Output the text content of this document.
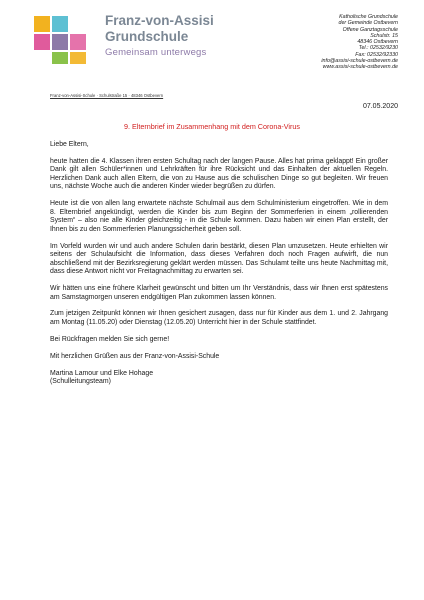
Franz-von-Assisi
Grundschule
Gemeinsam unterwegs
Katholische Grundschule
der Gemeinde Ostbevern
Offene Ganztagsschule
Schulstr. 15
48346 Ostbevern
Tel.: 02532/9230
Fax: 02532/92330
info@assisi-schule-ostbevern.de
www.assisi-schule-ostbevern.de
Franz-von-Assisi-Schule · Schulstraße 15 · 48346 Ostbevern
07.05.2020
9. Elternbrief im Zusammenhang mit dem Corona-Virus

Liebe Eltern,

heute hatten die 4. Klassen ihren ersten Schultag nach der langen Pause. Alles hat prima geklappt! Ein großer Dank gilt allen Schüler*innen und Lehrkräften für ihre Rücksicht und das Einhalten der aktuellen Regeln. Herzlichen Dank auch allen Eltern, die von zu Hause aus die schulischen Dinge so gut begleiten. Wir freuen uns, nächste Woche auch die anderen Kinder wieder begrüßen zu dürfen.

Heute ist die von allen lang erwartete nächste Schulmail aus dem Schulministerium eingetroffen. Wie in dem 8. Elternbrief angekündigt, werden die Kinder bis zum Beginn der Sommerferien in einem „rollierenden System“ – also nie alle Kinder gleichzeitig - in die Schule kommen. Dazu haben wir einen Plan erstellt, der Ihnen bis zu den Sommerferien Planungssicherheit geben soll.

Im Vorfeld wurden wir und auch andere Schulen darin bestärkt, diesen Plan umzusetzen. Heute erhielten wir seitens der Schulaufsicht die Information, dass dieses Verfahren doch noch Fragen aufwirft, die nun abschließend mit der Bezirksregierung geklärt werden müssen. Das Schulamt teilte uns heute Nachmittag mit, dass diese Antwort nicht vor Freitagnachmittag zu erwarten sei.

Wir hätten uns eine frühere Klarheit gewünscht und bitten um Ihr Verständnis, dass wir Ihnen erst spätestens am Samstagmorgen unseren endgültigen Plan zukommen lassen können.

Zum jetzigen Zeitpunkt können wir Ihnen gesichert zusagen, dass nur für Kinder aus dem 1. und 2. Jahrgang am Montag (11.05.20) oder Dienstag (12.05.20) Unterricht hier in der Schule stattfindet.

Bei Rückfragen melden Sie sich gerne!

Mit herzlichen Grüßen aus der Franz-von-Assisi-Schule

Martina Lamour und Elke Hohage

(Schulleitungsteam)
